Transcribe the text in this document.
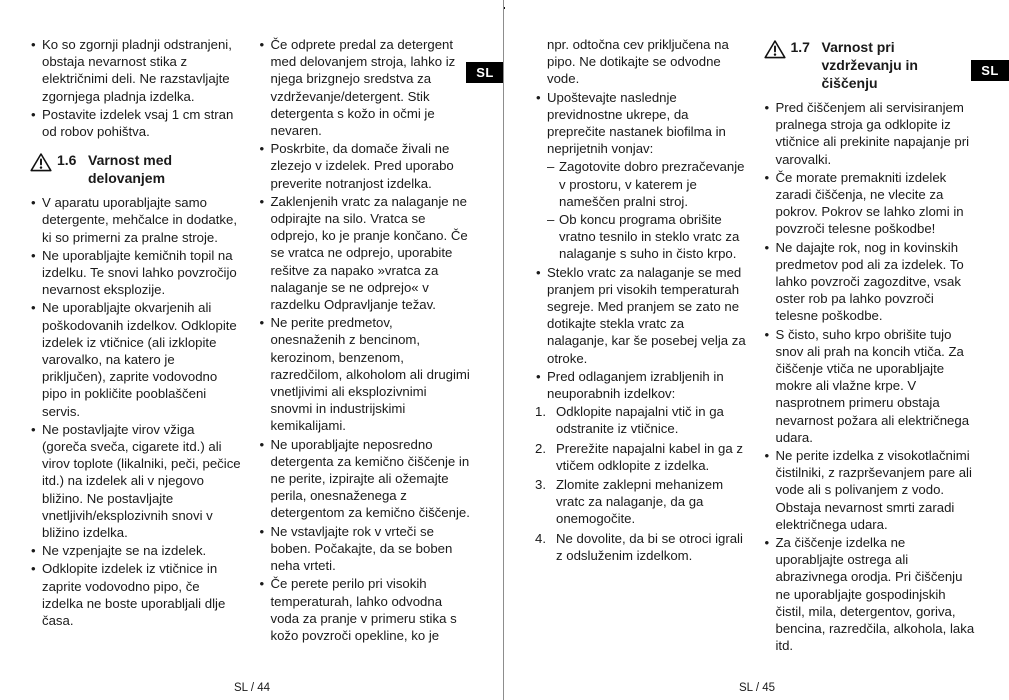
SL
• Ko so zgornji pladnji odstranjeni, obstaja nevarnost stika z električnimi deli. Ne razstavljajte zgornjega pladnja izdelka.
• Postavite izdelek vsaj 1 cm stran od robov pohištva.
1.6 Varnost med delovanjem
• V aparatu uporabljajte samo detergente, mehčalce in dodatke, ki so primerni za pralne stroje.
• Ne uporabljajte kemičnih topil na izdelku. Te snovi lahko povzročijo nevarnost eksplozije.
• Ne uporabljajte okvarjenih ali poškodovanih izdelkov. Odklopite izdelek iz vtičnice (ali izklopite varovalko, na katero je priključen), zaprite vodovodno pipo in pokličite pooblaščeni servis.
• Ne postavljajte virov vžiga (goreča sveča, cigarete itd.) ali virov toplote (likalniki, peči, pečice itd.) na izdelek ali v njegovo bližino. Ne postavljajte vnetljivih/eksplozivnih snovi v bližino izdelka.
• Ne vzpenjajte se na izdelek.
• Odklopite izdelek iz vtičnice in zaprite vodovodno pipo, če izdelka ne boste uporabljali dlje časa.
• Če odprete predal za detergent med delovanjem stroja, lahko iz njega brizgnejo sredstva za vzdrževanje/detergent. Stik detergenta s kožo in očmi je nevaren.
• Poskrbite, da domače živali ne zlezejo v izdelek. Pred uporabo preverite notranjost izdelka.
• Zaklenjenih vratc za nalaganje ne odpirajte na silo. Vratca se odprejo, ko je pranje končano. Če se vratca ne odprejo, uporabite rešitve za napako »vratca za nalaganje se ne odprejo« v razdelku Odpravljanje težav.
• Ne perite predmetov, onesnaženih z bencinom, kerozinom, benzenom, razredčilom, alkoholom ali drugimi vnetljivimi ali eksplozivnimi snovmi in industrijskimi kemikalijami.
• Ne uporabljajte neposredno detergenta za kemično čiščenje in ne perite, izpirajte ali ožemajte perila, onesnaženega z detergentom za kemično čiščenje.
• Ne vstavljajte rok v vrteči se boben. Počakajte, da se boben neha vrteti.
• Če perete perilo pri visokih temperaturah, lahko odvodna voda za pranje v primeru stika s kožo povzroči opekline, ko je
SL / 44
SL
npr. odtočna cev priključena na pipo. Ne dotikajte se odvodne vode.
• Upoštevajte naslednje previdnostne ukrepe, da preprečite nastanek biofilma in neprijetnih vonjav:
– Zagotovite dobro prezračevanje v prostoru, v katerem je nameščen pralni stroj.
– Ob koncu programa obrišite vratno tesnilo in steklo vratc za nalaganje s suho in čisto krpo.
• Steklo vratc za nalaganje se med pranjem pri visokih temperaturah segreje. Med pranjem se zato ne dotikajte stekla vratc za nalaganje, kar še posebej velja za otroke.
• Pred odlaganjem izrabljenih in neuporabnih izdelkov:
1. Odklopite napajalni vtič in ga odstranite iz vtičnice.
2. Prerežite napajalni kabel in ga z vtičem odklopite z izdelka.
3. Zlomite zaklepni mehanizem vratc za nalaganje, da ga onemogočite.
4. Ne dovolite, da bi se otroci igrali z odsluženim izdelkom.
1.7 Varnost pri vzdrževanju in čiščenju
• Pred čiščenjem ali servisiranjem pralnega stroja ga odklopite iz vtičnice ali prekinite napajanje pri varovalki.
• Če morate premakniti izdelek zaradi čiščenja, ne vlecite za pokrov. Pokrov se lahko zlomi in povzroči telesne poškodbe!
• Ne dajajte rok, nog in kovinskih predmetov pod ali za izdelek. To lahko povzroči zagozditve, vsak oster rob pa lahko povzroči telesne poškodbe.
• S čisto, suho krpo obrišite tujo snov ali prah na koncih vtiča. Za čiščenje vtiča ne uporabljajte mokre ali vlažne krpe. V nasprotnem primeru obstaja nevarnost požara ali električnega udara.
• Ne perite izdelka z visokotlačnimi čistilniki, z razprševanjem pare ali vode ali s polivanjem z vodo. Obstaja nevarnost smrti zaradi električnega udara.
• Za čiščenje izdelka ne uporabljajte ostrega ali abrazivnega orodja. Pri čiščenju ne uporabljajte gospodinjskih čistil, mila, detergentov, goriva, bencina, razredčila, alkohola, laka itd.
SL / 45
